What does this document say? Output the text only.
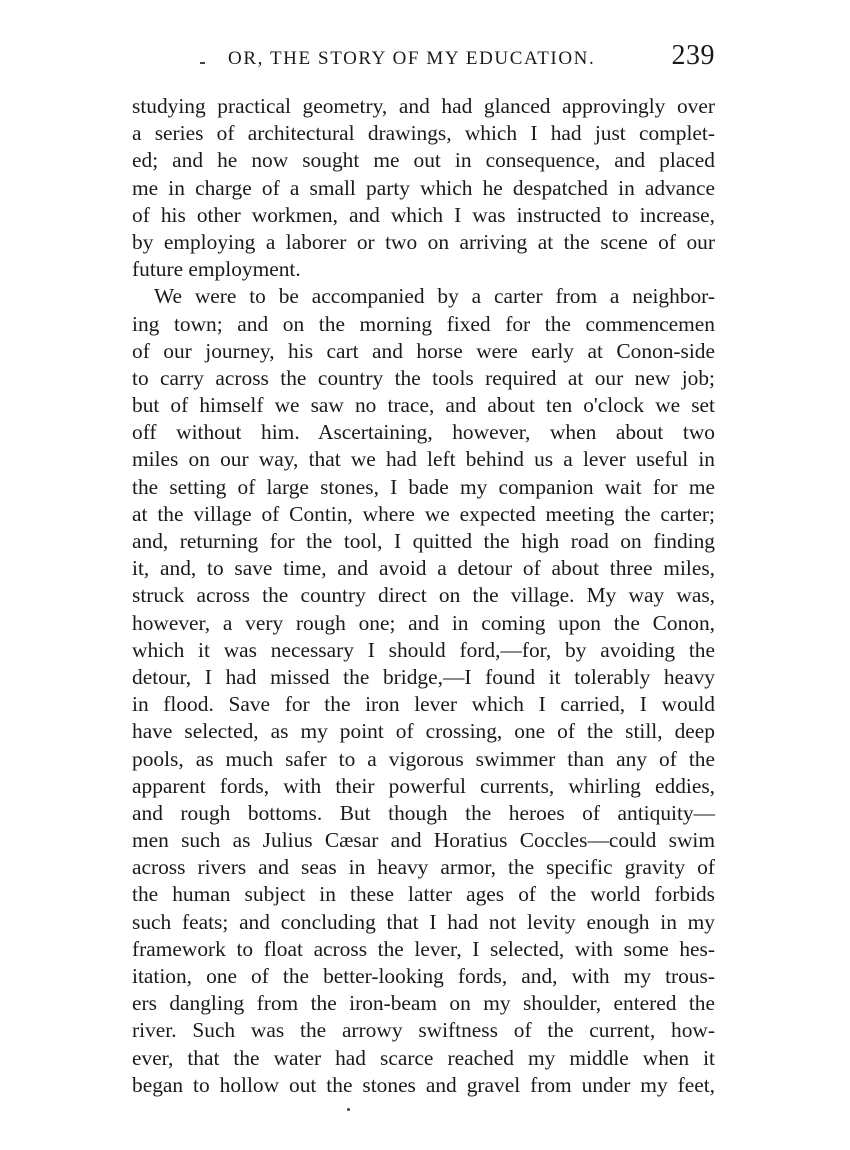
OR, THE STORY OF MY EDUCATION.	239
studying practical geometry, and had glanced approvingly over
a series of architectural drawings, which I had just complet-
ed; and he now sought me out in consequence, and placed
me in charge of a small party which he despatched in advance
of his other workmen, and which I was instructed to increase,
by employing a laborer or two on arriving at the scene of our
future employment.
We were to be accompanied by a carter from a neighbor-
ing town; and on the morning fixed for the commencemen
of our journey, his cart and horse were early at Conon-side
to carry across the country the tools required at our new job;
but of himself we saw no trace, and about ten o'clock we set
off without him. Ascertaining, however, when about two
miles on our way, that we had left behind us a lever useful in
the setting of large stones, I bade my companion wait for me
at the village of Contin, where we expected meeting the carter;
and, returning for the tool, I quitted the high road on finding
it, and, to save time, and avoid a detour of about three miles,
struck across the country direct on the village. My way was,
however, a very rough one; and in coming upon the Conon,
which it was necessary I should ford,—for, by avoiding the
detour, I had missed the bridge,—I found it tolerably heavy
in flood. Save for the iron lever which I carried, I would
have selected, as my point of crossing, one of the still, deep
pools, as much safer to a vigorous swimmer than any of the
apparent fords, with their powerful currents, whirling eddies,
and rough bottoms. But though the heroes of antiquity—
men such as Julius Cæsar and Horatius Coccles—could swim
across rivers and seas in heavy armor, the specific gravity of
the human subject in these latter ages of the world forbids
such feats; and concluding that I had not levity enough in my
framework to float across the lever, I selected, with some hes-
itation, one of the better-looking fords, and, with my trous-
ers dangling from the iron-beam on my shoulder, entered the
river. Such was the arrowy swiftness of the current, how-
ever, that the water had scarce reached my middle when it
began to hollow out the stones and gravel from under my feet,
